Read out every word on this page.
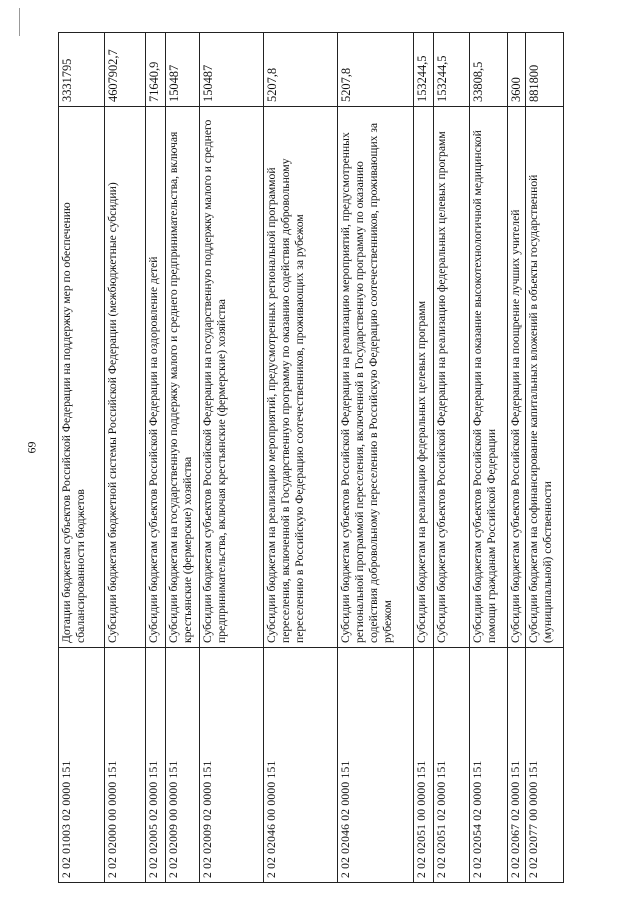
69
2 02 01003 02 0000 151	Дотации бюджетам субъектов Российской Федерации на поддержку мер по обеспечению сбалансированности бюджетов	3331795
2 02 02000 00 0000 151	Субсидии бюджетам бюджетной системы Российской Федерации (межбюджетные субсидии)	4607902,7
2 02 02005 02 0000 151	Субсидии бюджетам субъектов Российской Федерации на оздоровление детей	71640,9
2 02 02009 00 0000 151	Субсидии бюджетам на государственную поддержку малого и среднего предпринимательства, включая крестьянские (фермерские) хозяйства	150487
2 02 02009 02 0000 151	Субсидии бюджетам субъектов Российской Федерации на государственную поддержку малого и среднего предпринимательства, включая крестьянские (фермерские) хозяйства	150487
2 02 02046 00 0000 151	Субсидии бюджетам на реализацию мероприятий, предусмотренных региональной программой переселения, включенной в Государственную программу по оказанию содействия добровольному переселению в Российскую Федерацию соотечественников, проживающих за рубежом	5207,8
2 02 02046 02 0000 151	Субсидии бюджетам субъектов Российской Федерации на реализацию мероприятий, предусмотренных региональной программой переселения, включенной в Государственную программу по оказанию содействия добровольному переселению в Российскую Федерацию соотечественников, проживающих за рубежом	5207,8
2 02 02051 00 0000 151	Субсидии бюджетам на реализацию федеральных целевых программ	153244,5
2 02 02051 02 0000 151	Субсидии бюджетам субъектов Российской Федерации на реализацию федеральных целевых программ	153244,5
2 02 02054 02 0000 151	Субсидии бюджетам субъектов Российской Федерации на оказание высокотехнологичной медицинской помощи гражданам Российской Федерации	33808,5
2 02 02067 02 0000 151	Субсидии бюджетам субъектов Российской Федерации на поощрение лучших учителей	3600
2 02 02077 00 0000 151	Субсидии бюджетам на софинансирование капитальных вложений в объекты государственной (муниципальной) собственности	881800
